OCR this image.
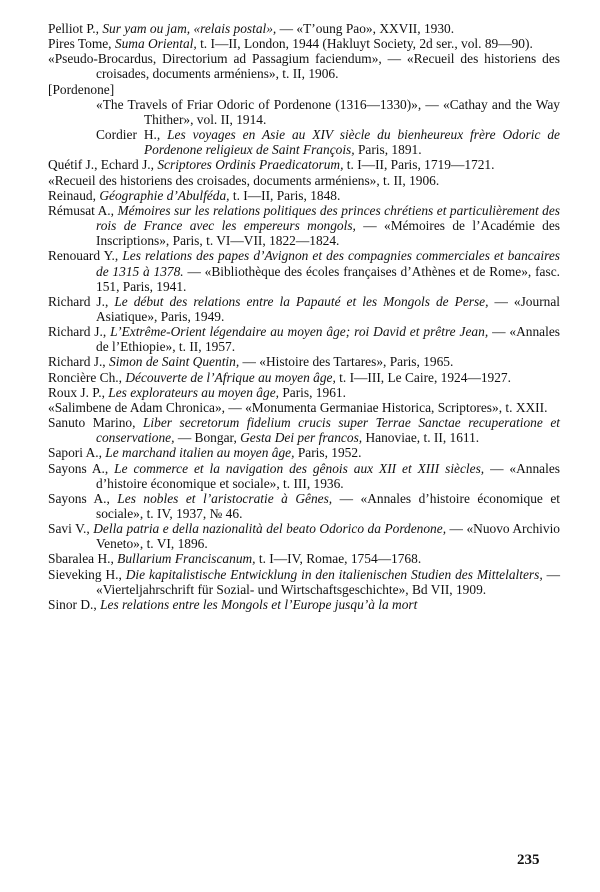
Pelliot P., Sur yam ou jam, «relais postal», — «T’oung Pao», XXVII, 1930.
Pires Tome, Suma Oriental, t. I—II, London, 1944 (Hakluyt Society, 2d ser., vol. 89—90).
«Pseudo-Brocardus, Directorium ad Passagium faciendum», — «Recueil des historiens des croisades, documents arméniens», t. II, 1906.
[Pordenone]
«The Travels of Friar Odoric of Pordenone (1316—1330)», — «Cathay and the Way Thither», vol. II, 1914.
Cordier H., Les voyages en Asie au XIV siècle du bienheureux frère Odoric de Pordenone religieux de Saint François, Paris, 1891.
Quétif J., Echard J., Scriptores Ordinis Praedicatorum, t. I—II, Paris, 1719—1721.
«Recueil des historiens des croisades, documents arméniens», t. II, 1906.
Reinaud, Géographie d’Abulféda, t. I—II, Paris, 1848.
Rémusat A., Mémoires sur les relations politiques des princes chrétiens et particulièrement des rois de France avec les empereurs mongols, — «Mémoires de l’Académie des Inscriptions», Paris, t. VI—VII, 1822—1824.
Renouard Y., Les relations des papes d’Avignon et des compagnies commerciales et bancaires de 1315 à 1378. — «Bibliothèque des écoles françaises d’Athènes et de Rome», fasc. 151, Paris, 1941.
Richard J., Le début des relations entre la Papauté et les Mongols de Perse, — «Journal Asiatique», Paris, 1949.
Richard J., L’Extrême-Orient légendaire au moyen âge; roi David et prêtre Jean, — «Annales de l’Ethiopie», t. II, 1957.
Richard J., Simon de Saint Quentin, — «Histoire des Tartares», Paris, 1965.
Roncière Ch., Découverte de l’Afrique au moyen âge, t. I—III, Le Caire, 1924—1927.
Roux J. P., Les explorateurs au moyen âge, Paris, 1961.
«Salimbene de Adam Chronica», — «Monumenta Germaniae Historica, Scriptores», t. XXII.
Sanuto Marino, Liber secretorum fidelium crucis super Terrae Sanctae recuperatione et conservatione, — Bongar, Gesta Dei per francos, Hanoviae, t. II, 1611.
Sapori A., Le marchand italien au moyen âge, Paris, 1952.
Sayons A., Le commerce et la navigation des gênois aux XII et XIII siècles, — «Annales d’histoire économique et sociale», t. III, 1936.
Sayons A., Les nobles et l’aristocratie à Gênes, — «Annales d’histoire économique et sociale», t. IV, 1937, № 46.
Savi V., Della patria e della nazionalità del beato Odorico da Pordenone, — «Nuovo Archivio Veneto», t. VI, 1896.
Sbaralea H., Bullarium Franciscanum, t. I—IV, Romae, 1754—1768.
Sieveking H., Die kapitalistische Entwicklung in den italienischen Studien des Mittelalters, — «Vierteljahrschrift für Sozial- und Wirtschaftsgeschichte», Bd VII, 1909.
Sinor D., Les relations entre les Mongols et l’Europe jusqu’à la mort
235
